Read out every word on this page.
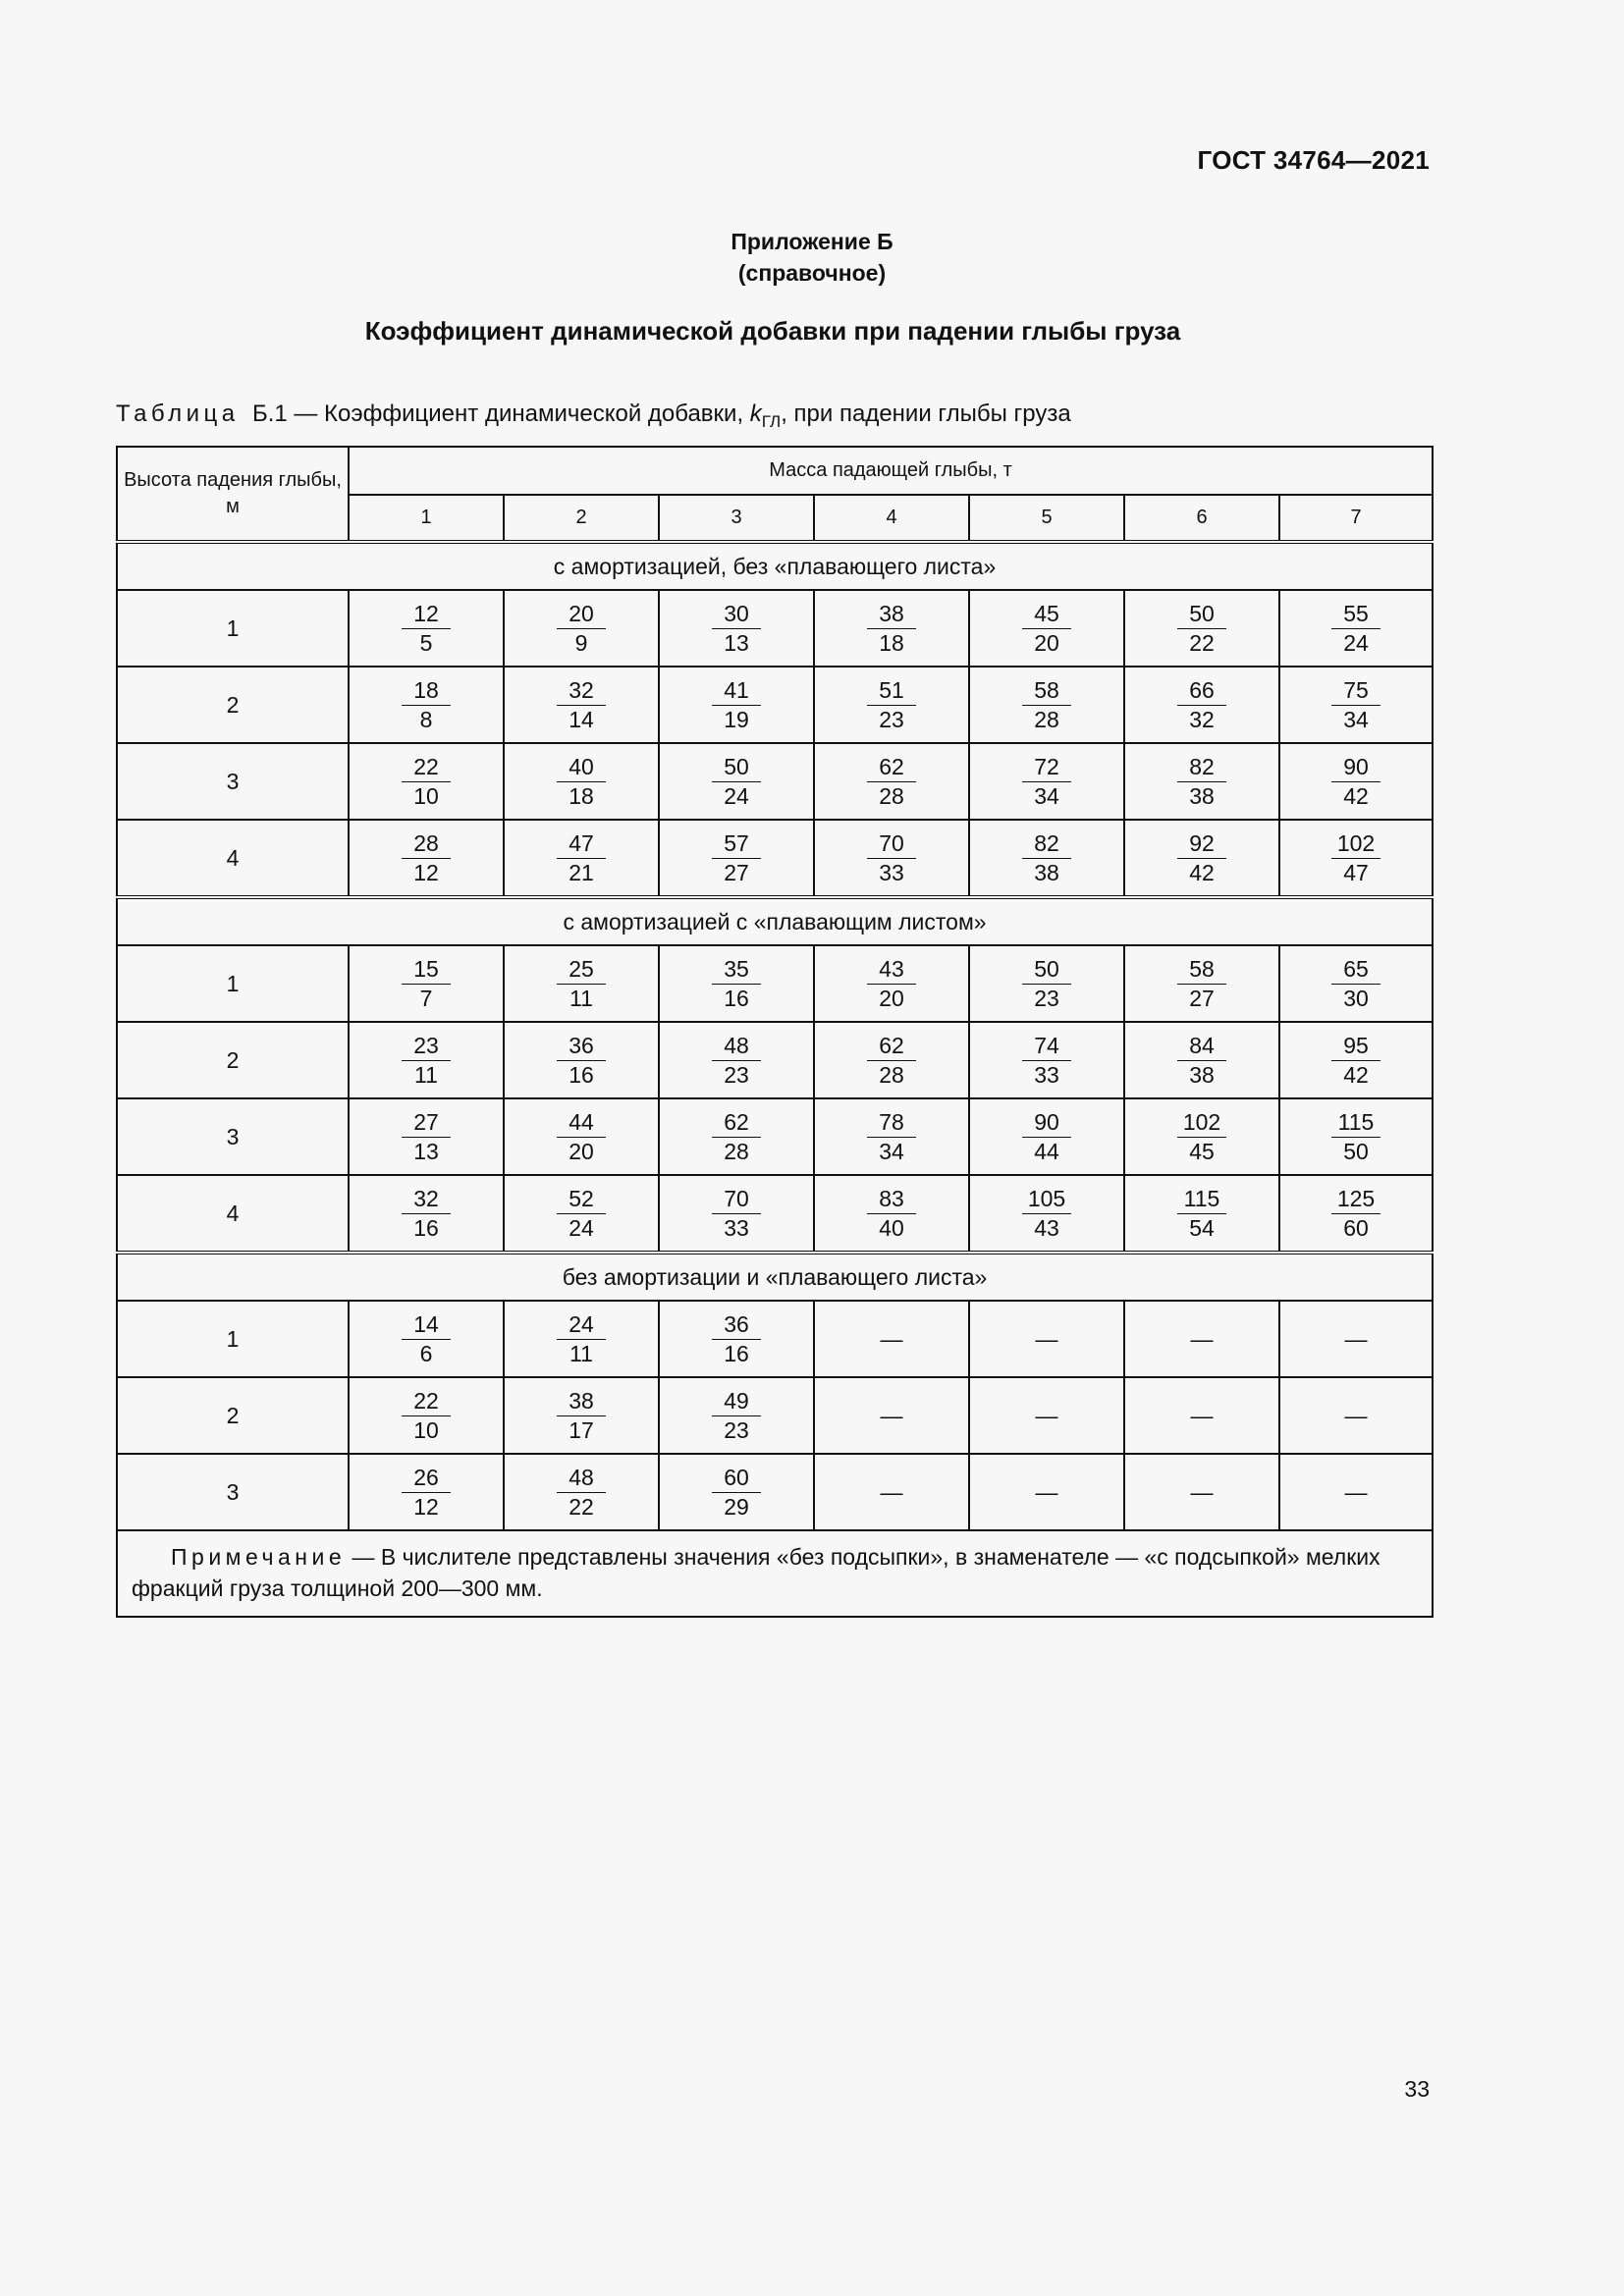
ГОСТ 34764—2021
Приложение Б
(справочное)
Коэффициент динамической добавки при падении глыбы груза
Таблица Б.1 — Коэффициент динамической добавки, $k_{ГЛ}$, при падении глыбы груза
Высота падения глыбы, м	Масса падающей глыбы, т						
	1	2	3	4	5	6	7
с амортизацией, без «плавающего листа»							
1	$\frac{12}{5}$	$\frac{20}{9}$	$\frac{30}{13}$	$\frac{38}{18}$	$\frac{45}{20}$	$\frac{50}{22}$	$\frac{55}{24}$

2	$\frac{18}{8}$	$\frac{32}{14}$	$\frac{41}{19}$	$\frac{51}{23}$	$\frac{58}{28}$	$\frac{66}{32}$	$\frac{75}{34}$

3	$\frac{22}{10}$	$\frac{40}{18}$	$\frac{50}{24}$	$\frac{62}{28}$	$\frac{72}{34}$	$\frac{82}{38}$	$\frac{90}{42}$

4	$\frac{28}{12}$	$\frac{47}{21}$	$\frac{57}{27}$	$\frac{70}{33}$	$\frac{82}{38}$	$\frac{92}{42}$	$\frac{102}{47}$

с амортизацией с «плавающим листом»							
1	$\frac{15}{7}$	$\frac{25}{11}$	$\frac{35}{16}$	$\frac{43}{20}$	$\frac{50}{23}$	$\frac{58}{27}$	$\frac{65}{30}$

2	$\frac{23}{11}$	$\frac{36}{16}$	$\frac{48}{23}$	$\frac{62}{28}$	$\frac{74}{33}$	$\frac{84}{38}$	$\frac{95}{42}$

3	$\frac{27}{13}$	$\frac{44}{20}$	$\frac{62}{28}$	$\frac{78}{34}$	$\frac{90}{44}$	$\frac{102}{45}$	$\frac{115}{50}$

4	$\frac{32}{16}$	$\frac{52}{24}$	$\frac{70}{33}$	$\frac{83}{40}$	$\frac{105}{43}$	$\frac{115}{54}$	$\frac{125}{60}$

без амортизации и «плавающего листа»							
1	$\frac{14}{6}$	$\frac{24}{11}$	$\frac{36}{16}$	—	—	—	—
2	$\frac{22}{10}$	$\frac{38}{17}$	$\frac{49}{23}$	—	—	—	—
3	$\frac{26}{12}$	$\frac{48}{22}$	$\frac{60}{29}$	—	—	—	—
Примечание — В числителе представлены значения «без подсыпки», в знаменателе — «с подсыпкой» мелких фракций груза толщиной 200—300 мм.							
33
